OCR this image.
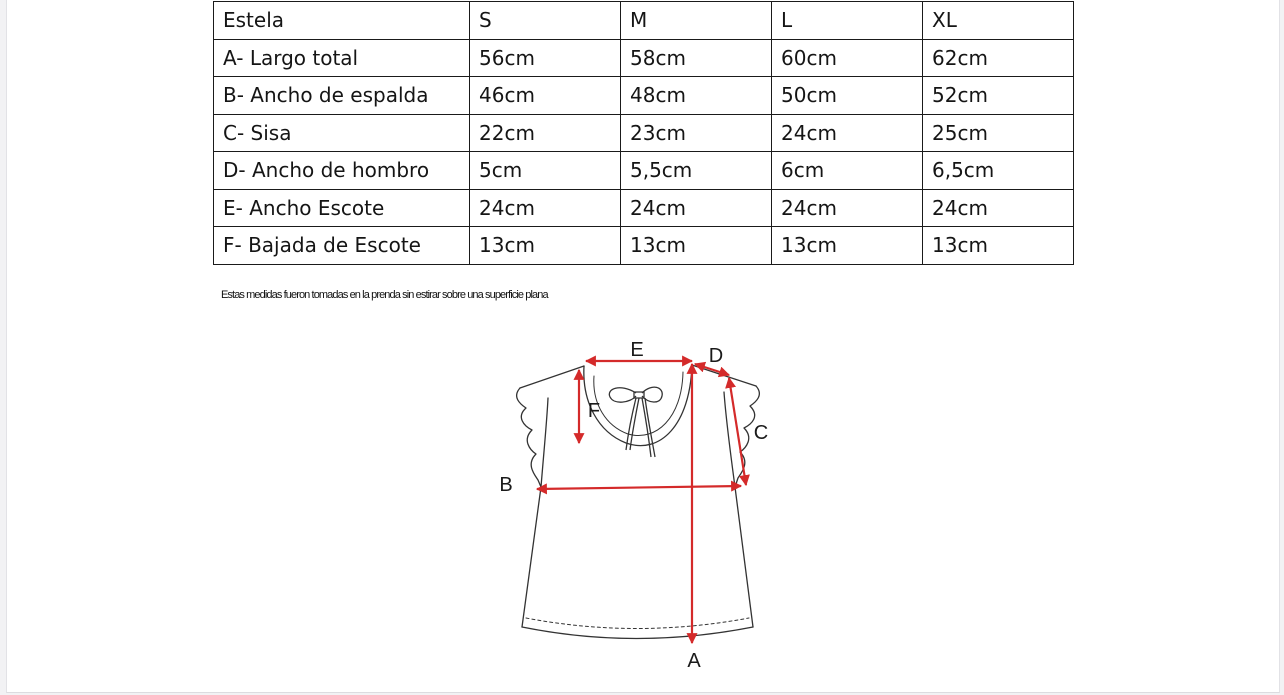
Estela	S	M	L	XL
A- Largo total	56cm	58cm	60cm	62cm
B- Ancho de espalda	46cm	48cm	50cm	52cm
C- Sisa	22cm	23cm	24cm	25cm
D- Ancho de hombro	5cm	5,5cm	6cm	6,5cm
E- Ancho Escote	24cm	24cm	24cm	24cm
F- Bajada de Escote	13cm	13cm	13cm	13cm
Estas medidas fueron tomadas en la prenda sin estirar sobre una superficie plana
E	D
C
B
F
A
